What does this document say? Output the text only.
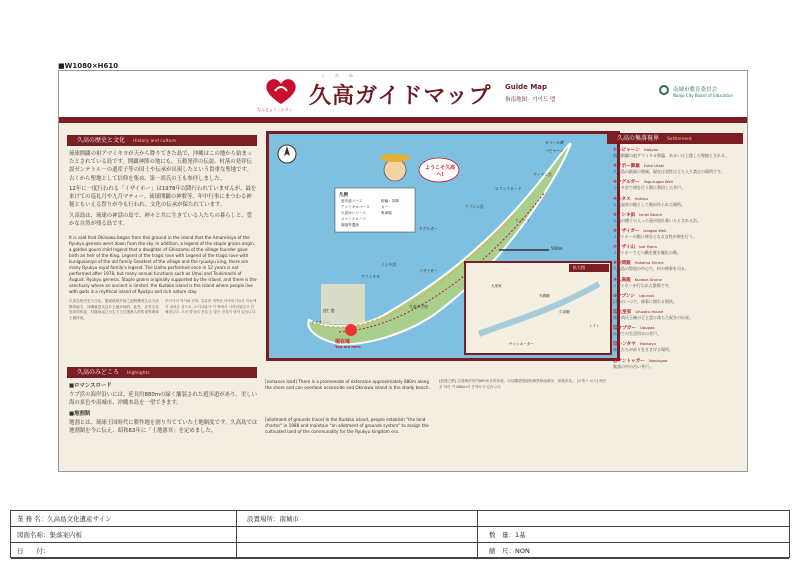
■W1080×H610
なんじょう・シティ
くだか
久高ガイドマップ Guide Map
指南地图 · 가이드 맵
南城市教育委員会
Nanjo City Board of Education
久高の歴史と文化 History and culture
琉球開闢の祖アマミキヨが天から降りてきた島で、沖縄はこの地から始まったとされている島です。開闢神節の地にも、五穀発祥の伝説、村落の発祥伝説ゼンテトル－の遺産子等の国土や伝承が出現したという貴重な聖地です。古くから聖地として信仰を集め、第一尚氏の王も参拝しました。
12年に一度行われる「イザイホー」は1978年以降行われていませんが、最を来けての巡礼月や九月マティー、琉球開闢の神歌等、年中行事にまつわる神秘ともいえる祭りが今も行われ、文化の伝承が保たれています。
久高島は、琉球の神話の島で、神々と共に生きている人たちの暮らしと、豊かな自然が残る島です。
It is said that Okinawa began from this ground in the island that the Amamikiyo of the Ryukyu genesis went down from the sky. In addition, a legend of the staple grains origin, a golden gourd child legend that a daughter of Ghinzamu of the village founder gave birth an heir of the King, Legend of the tragic love with Legend of the tragic love with kunigusaniyo of the old family Greatest of the village and the ryuukyu king, there are many Ryukyu royal family's legend. The Izaiho performed once in 12 years is not performed after 1978, but many annual functions such as Umui and Tsukimachi of August. Ryukyu genesis. Staple grains originally supported by the island, and there is the sanctuary where an ancient is limited. the Kudaka island is the island where people live with gods is a mythical island of Ryukyu and rich nature stay.
久高岛的历史与文化。据说琉球开辟之祖阿摩美久从天而降的地方，冲绳就是从这片土地开始的。此外，还有五谷发祥的传说、村落始祖之女生下王位继承人的传说等琉球王朝传说。
쿠다카의 역사와 문화. 류큐를 개벽한 아마미키요가 하늘에서 내려온 섬으로, 오키나와가 이 땅에서 시작되었다고 전해집니다. 오곡 발상의 전설 등 많은 전설이 남아 있습니다.
ようこそ久高へ!
凡例
遊歩道コース
アマミキヨコース
久高ゆいコース
ロマンスロード
御嶽等遺跡
駐輪・昇降
カー
乗車場
500m
拡大図
現在地
You are here
カベール岬
ハビャーン
アーマン浜
ロマンスロード
ウプンシ浜
ヤグルガー
イシキ浜
イザイガー
アマミキヨ
久高中学校
徳仁港
アタティー
ウパーマ
大里家
外間殿
久高殿
トイレ
チャンネーター
久高の集落視界 Settlement
久高のみどころ Highlights
■ロマンスロード
ウプ浜の海岸沿いには、延長約880mの緑く舗装された遊歩道があり、美しい海の景色や南城市、沖縄本島を一望できます。
■地割制
地割とは、琉球王国時代に耕作地を割り当てていた土地制度です。久高島では地割制を今に伝え、昭和63年に「土地憲章」を定めました。
[romance load] There is a promenade of extension approximately 880m along the shore and can overlook oceanside and Okinawa island in the shady beach.
[allotment of grounds trace] In the Kudaka island, people establish "the land charter" in 1988 and maintain "an allotment of grounds system" to assign the cultivated land of the communality for the Ryukyu kingdom era.
[浪漫之路] 沿着海岸有约880米长的步道，可以眺望美丽的海景和南城市、冲绳本岛。 [로맨스 로드] 해안을 따라 약 880m의 산책로가 있습니다.
①ハビャーン Habyan
琉球開闢の祖アマミキヨ降臨、あるいは上陸した聖地とされる。
②フボー御嶽 Fubo Utaki
久高島の最高の聖域。現在は男性は立ち入り禁止の場所です。
③ヤグルガー Yagurugaa Well
イシキ浜で禊を行う際に利用した井戸。
④ハタス Hatasu
五穀発祥の地として畑が作られた場所。
⑤イシキ浜 Ishiki Beach
五穀の種子の入った壺が流れ着いたとされる浜。
⑥イザイガー Izaigaa Well
イザイホーの際に神女となる女性が禊を行う。
⑦イザイ山 Izai Yama
イザイホーで七つ橋を渡る儀礼の場。
⑧外間殿 Hokama Shrine
久高島の祭祀の中心で、村の神事を司る。
⑨久高殿 Kudaka Shrine
イザイホーが行われた祭場です。
⑩ウプンシ Upunshi
旧家の一つで、神事に関わる場所。
⑪大里家 Ufuzatu House
第一尚氏王統の王と恋に落ちた祝女の伝承。
⑫ウプガー Upugaa
かつての生活用水の井戸。
⑬ハンタヤ Hantaya
神女たちが祈りをささげる場所。
⑭ナントゥガー Nantugaa
集落の中の古い井戸。
業 務 名：久高島文化遺産サイン	設置場所：南城市
図面名称：集落案内板	数　量：1基
日　　付：	縮　尺：NON
